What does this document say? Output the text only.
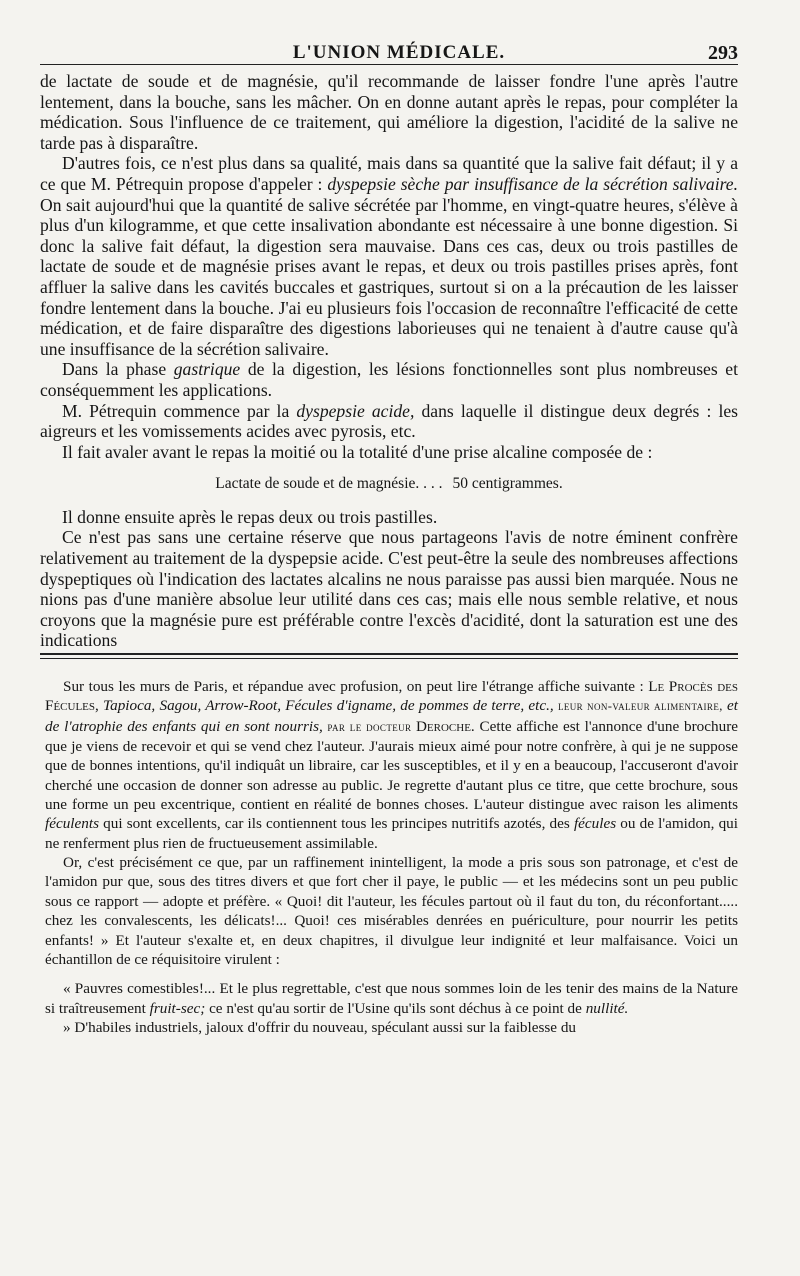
L'UNION MÉDICALE.	293

de lactate de soude et de magnésie, qu'il recommande de laisser fondre l'une après l'autre lentement, dans la bouche, sans les mâcher. On en donne autant après le repas, pour compléter la médication. Sous l'influence de ce traitement, qui améliore la digestion, l'acidité de la salive ne tarde pas à disparaître.

D'autres fois, ce n'est plus dans sa qualité, mais dans sa quantité que la salive fait défaut; il y a ce que M. Pétrequin propose d'appeler : dyspepsie sèche par insuffisance de la sécrétion salivaire. On sait aujourd'hui que la quantité de salive sécrétée par l'homme, en vingt-quatre heures, s'élève à plus d'un kilogramme, et que cette insalivation abondante est nécessaire à une bonne digestion. Si donc la salive fait défaut, la digestion sera mauvaise. Dans ces cas, deux ou trois pastilles de lactate de soude et de magnésie prises avant le repas, et deux ou trois pastilles prises après, font affluer la salive dans les cavités buccales et gastriques, surtout si on a la précaution de les laisser fondre lentement dans la bouche. J'ai eu plusieurs fois l'occasion de reconnaître l'efficacité de cette médication, et de faire disparaître des digestions laborieuses qui ne tenaient à d'autre cause qu'à une insuffisance de la sécrétion salivaire.

Dans la phase gastrique de la digestion, les lésions fonctionnelles sont plus nombreuses et conséquemment les applications.

M. Pétrequin commence par la dyspepsie acide, dans laquelle il distingue deux degrés : les aigreurs et les vomissements acides avec pyrosis, etc.

Il fait avaler avant le repas la moitié ou la totalité d'une prise alcaline composée de :

Lactate de soude et de magnésie. . . . 50 centigrammes.

Il donne ensuite après le repas deux ou trois pastilles.

Ce n'est pas sans une certaine réserve que nous partageons l'avis de notre éminent confrère relativement au traitement de la dyspepsie acide. C'est peut-être la seule des nombreuses affections dyspeptiques où l'indication des lactates alcalins ne nous paraisse pas aussi bien marquée. Nous ne nions pas d'une manière absolue leur utilité dans ces cas; mais elle nous semble relative, et nous croyons que la magnésie pure est préférable contre l'excès d'acidité, dont la saturation est une des indications

Sur tous les murs de Paris, et répandue avec profusion, on peut lire l'étrange affiche suivante : Le Procès des Fécules, Tapioca, Sagou, Arrow-Root, Fécules d'igname, de pommes de terre, etc., leur non-valeur alimentaire, et de l'atrophie des enfants qui en sont nourris, par le docteur Deroche. Cette affiche est l'annonce d'une brochure que je viens de recevoir et qui se vend chez l'auteur. J'aurais mieux aimé pour notre confrère, à qui je ne suppose que de bonnes intentions, qu'il indiquât un libraire, car les susceptibles, et il y en a beaucoup, l'accuseront d'avoir cherché une occasion de donner son adresse au public. Je regrette d'autant plus ce titre, que cette brochure, sous une forme un peu excentrique, contient en réalité de bonnes choses. L'auteur distingue avec raison les aliments féculents qui sont excellents, car ils contiennent tous les principes nutritifs azotés, des fécules ou de l'amidon, qui ne renferment plus rien de fructueusement assimilable.

Or, c'est précisément ce que, par un raffinement inintelligent, la mode a pris sous son patronage, et c'est de l'amidon pur que, sous des titres divers et que fort cher il paye, le public — et les médecins sont un peu public sous ce rapport — adopte et préfère. « Quoi! dit l'auteur, les fécules partout où il faut du ton, du réconfortant..... chez les convalescents, les délicats!... Quoi! ces misérables denrées en puériculture, pour nourrir les petits enfants! » Et l'auteur s'exalte et, en deux chapitres, il divulgue leur indignité et leur malfaisance. Voici un échantillon de ce réquisitoire virulent :

« Pauvres comestibles!... Et le plus regrettable, c'est que nous sommes loin de les tenir des mains de la Nature si traîtreusement fruit-sec; ce n'est qu'au sortir de l'Usine qu'ils sont déchus à ce point de nullité.

» D'habiles industriels, jaloux d'offrir du nouveau, spéculant aussi sur la faiblesse du
